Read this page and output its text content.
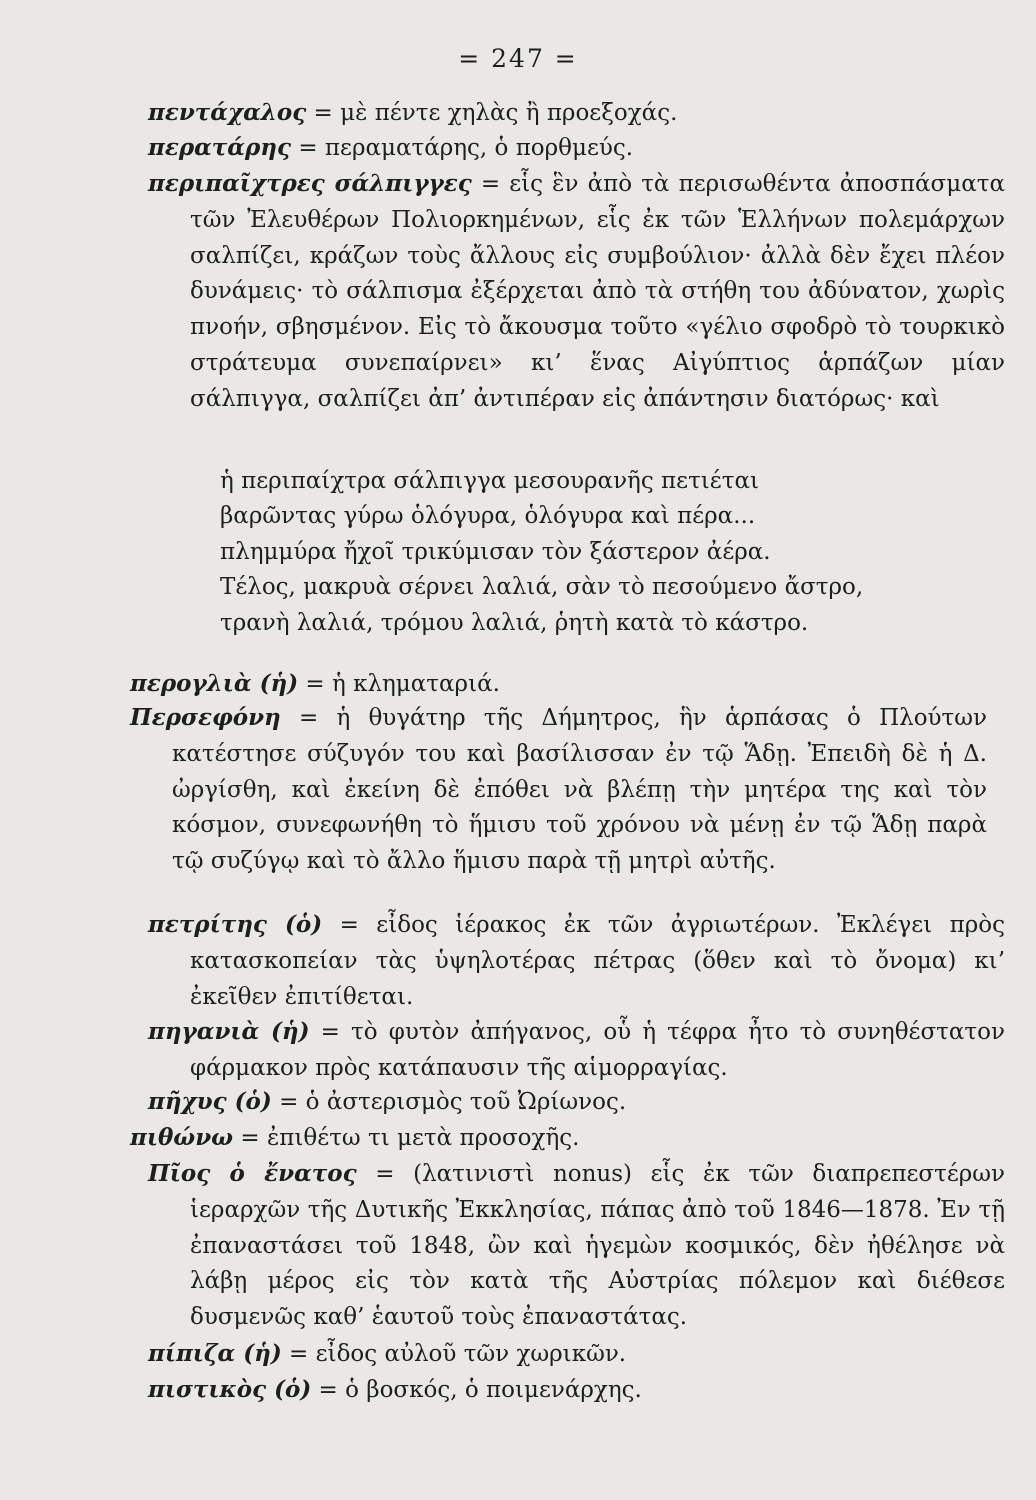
= 247 =
πεντάχαλος = μὲ πέντε χηλὰς ἢ προεξοχάς.
περατάρης = περαματάρης, ὁ πορθμεύς.
περιπαῖχτρες σάλπιγγες = εἷς ἓν ἀπὸ τὰ περισωθέντα ἀποσπάσματα τῶν Ἐλευθέρων Πολιορκημένων, εἷς ἐκ τῶν Ἑλλήνων πολεμάρχων σαλπίζει, κράζων τοὺς ἄλλους εἰς συμβούλιον· ἀλλὰ δὲν ἔχει πλέον δυνάμεις· τὸ σάλπισμα ἐξέρχεται ἀπὸ τὰ στήθη του ἀδύνατον, χωρὶς πνοήν, σβησμένον. Εἰς τὸ ἄκουσμα τοῦτο «γέλιο σφοδρὸ τὸ τουρκικὸ στράτευμα συνεπαίρνει» κι’ ἕνας Αἰγύπτιος ἁρπάζων μίαν σάλπιγγα, σαλπίζει ἀπ’ ἀντιπέραν εἰς ἀπάντησιν διατόρως· καὶ
ἡ περιπαίχτρα σάλπιγγα μεσουρανῆς πετιέται
βαρῶντας γύρω ὁλόγυρα, ὁλόγυρα καὶ πέρα...
πλημμύρα ἤχοῖ τρικύμισαν τὸν ξάστερον ἀέρα.
Τέλος, μακρυὰ σέρνει λαλιά, σὰν τὸ πεσούμενο ἄστρο,
τρανὴ λαλιά, τρόμου λαλιά, ῥητὴ κατὰ τὸ κάστρο.
περογλιὰ (ἡ) = ἡ κληματαριά.
Περσεφόνη = ἡ θυγάτηρ τῆς Δήμητρος, ἣν ἁρπάσας ὁ Πλούτων κατέστησε σύζυγόν του καὶ βασίλισσαν ἐν τῷ Ἅδῃ. Ἐπειδὴ δὲ ἡ Δ. ὠργίσθη, καὶ ἐκείνη δὲ ἐπόθει νὰ βλέπῃ τὴν μητέρα της καὶ τὸν κόσμον, συνεφωνήθη τὸ ἥμισυ τοῦ χρόνου νὰ μένῃ ἐν τῷ Ἅδῃ παρὰ τῷ συζύγῳ καὶ τὸ ἄλλο ἥμισυ παρὰ τῇ μητρὶ αὐτῆς.
πετρίτης (ὁ) = εἶδος ἱέρακος ἐκ τῶν ἀγριωτέρων. Ἐκλέγει πρὸς κατασκοπείαν τὰς ὑψηλοτέρας πέτρας (ὅθεν καὶ τὸ ὄνομα) κι’ ἐκεῖθεν ἐπιτίθεται.
πηγανιὰ (ἡ) = τὸ φυτὸν ἀπήγανος, οὗ ἡ τέφρα ἦτο τὸ συνηθέστατον φάρμακον πρὸς κατάπαυσιν τῆς αἱμορραγίας.
πῆχυς (ὁ) = ὁ ἀστερισμὸς τοῦ Ὠρίωνος.
πιθώνω = ἐπιθέτω τι μετὰ προσοχῆς.
Πῖος ὁ ἔνατος = (λατινιστὶ nonus) εἷς ἐκ τῶν διαπρεπεστέρων ἱεραρχῶν τῆς Δυτικῆς Ἐκκλησίας, πάπας ἀπὸ τοῦ 1846—1878. Ἐν τῇ ἐπαναστάσει τοῦ 1848, ὢν καὶ ἡγεμὼν κοσμικός, δὲν ἠθέλησε νὰ λάβῃ μέρος εἰς τὸν κατὰ τῆς Αὐστρίας πόλεμον καὶ διέθεσε δυσμενῶς καθ’ ἑαυτοῦ τοὺς ἐπαναστάτας.
πίπιζα (ἡ) = εἶδος αὐλοῦ τῶν χωρικῶν.
πιστικὸς (ὁ) = ὁ βοσκός, ὁ ποιμενάρχης.
